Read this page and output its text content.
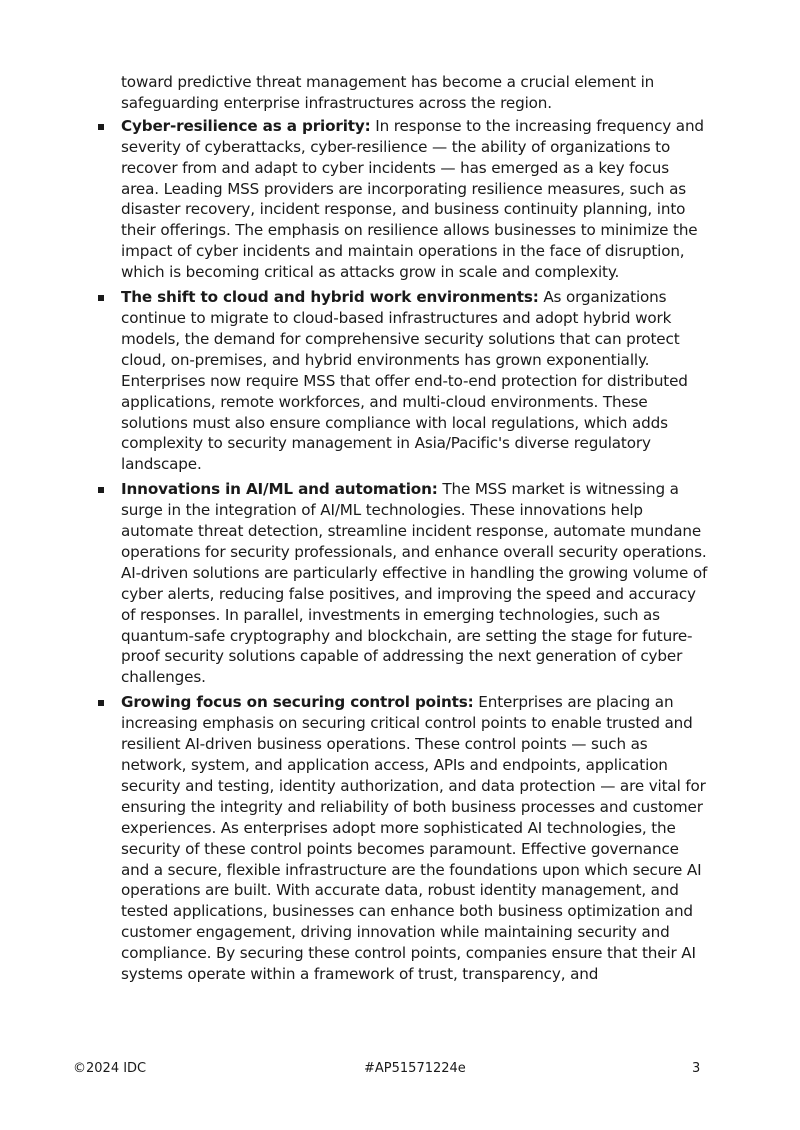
toward predictive threat management has become a crucial element in safeguarding enterprise infrastructures across the region.

Cyber-resilience as a priority: In response to the increasing frequency and severity of cyberattacks, cyber-resilience — the ability of organizations to recover from and adapt to cyber incidents — has emerged as a key focus area. Leading MSS providers are incorporating resilience measures, such as disaster recovery, incident response, and business continuity planning, into their offerings. The emphasis on resilience allows businesses to minimize the impact of cyber incidents and maintain operations in the face of disruption, which is becoming critical as attacks grow in scale and complexity.
The shift to cloud and hybrid work environments: As organizations continue to migrate to cloud-based infrastructures and adopt hybrid work models, the demand for comprehensive security solutions that can protect cloud, on-premises, and hybrid environments has grown exponentially. Enterprises now require MSS that offer end-to-end protection for distributed applications, remote workforces, and multi-cloud environments. These solutions must also ensure compliance with local regulations, which adds complexity to security management in Asia/Pacific's diverse regulatory landscape.
Innovations in AI/ML and automation: The MSS market is witnessing a surge in the integration of AI/ML technologies. These innovations help automate threat detection, streamline incident response, automate mundane operations for security professionals, and enhance overall security operations. AI-driven solutions are particularly effective in handling the growing volume of cyber alerts, reducing false positives, and improving the speed and accuracy of responses. In parallel, investments in emerging technologies, such as quantum-safe cryptography and blockchain, are setting the stage for future-proof security solutions capable of addressing the next generation of cyber challenges.
Growing focus on securing control points: Enterprises are placing an increasing emphasis on securing critical control points to enable trusted and resilient AI-driven business operations. These control points — such as network, system, and application access, APIs and endpoints, application security and testing, identity authorization, and data protection — are vital for ensuring the integrity and reliability of both business processes and customer experiences. As enterprises adopt more sophisticated AI technologies, the security of these control points becomes paramount. Effective governance and a secure, flexible infrastructure are the foundations upon which secure AI operations are built. With accurate data, robust identity management, and tested applications, businesses can enhance both business optimization and customer engagement, driving innovation while maintaining security and compliance. By securing these control points, companies ensure that their AI systems operate within a framework of trust, transparency, and
©2024 IDC	#AP51571224e	3
